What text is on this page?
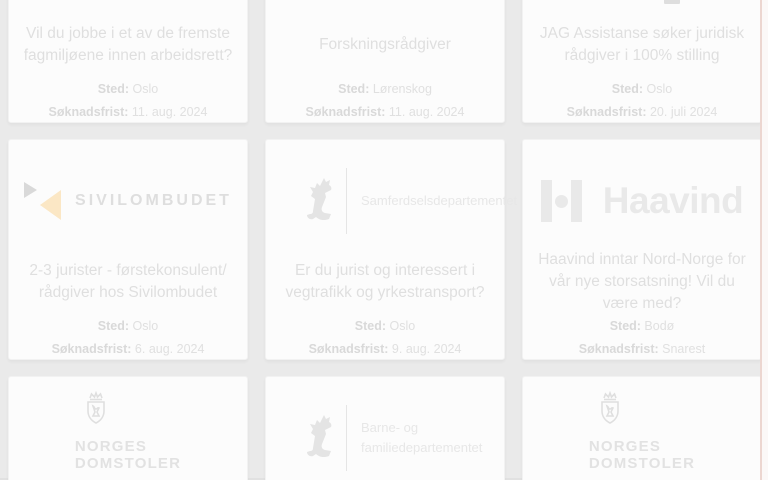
Vil du jobbe i et av de fremste fagmiljøene innen arbeidsrett?
Sted: Oslo
Søknadsfrist: 11. aug. 2024
Forskningsrådgiver
Sted: Lørenskog
Søknadsfrist: 11. aug. 2024
JAG Assistanse søker juridisk rådgiver i 100% stilling
Sted: Oslo
Søknadsfrist: 20. juli 2024
SIVILOMBUDET
2-3 jurister - førstekonsulent/ rådgiver hos Sivilombudet
Sted: Oslo
Søknadsfrist: 6. aug. 2024
Samferdselsdepartementet
Er du jurist og interessert i vegtrafikk og yrkestransport?
Sted: Oslo
Søknadsfrist: 9. aug. 2024
Haavind
Haavind inntar Nord-Norge for vår nye storsatsning! Vil du være med?
Sted: Bodø
Søknadsfrist: Snarest
NORGES
DOMSTOLER
Barne- og
familiedepartementet	NORGES
DOMSTOLER
